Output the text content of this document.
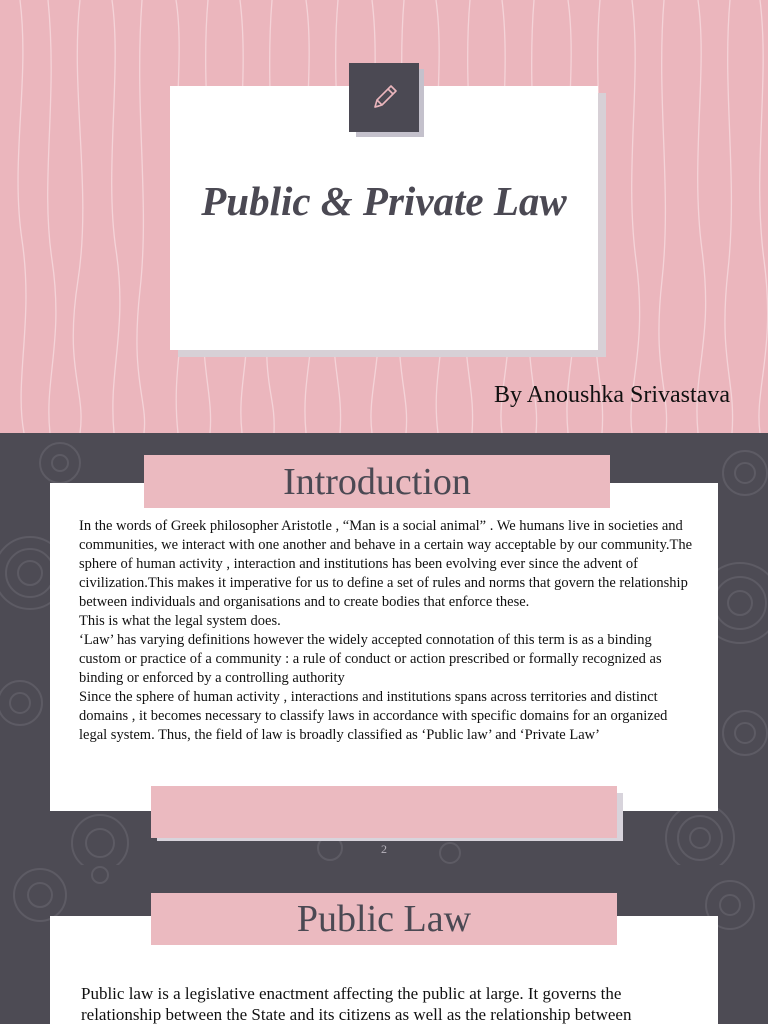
Public & Private Law
By Anoushka Srivastava
Introduction

In the words of Greek philosopher Aristotle , “Man is a social animal” . We humans live in societies and communities, we interact with one another and behave in a certain way acceptable by our community.The sphere of human activity , interaction and institutions has been evolving ever since the advent of civilization.This makes it imperative for us to define a set of rules and norms that govern the relationship between individuals and organisations and to create bodies that enforce these.

This is what the legal system does.

‘Law’ has varying definitions however the widely accepted connotation of this term is as a binding custom or practice of a community : a rule of conduct or action prescribed or formally recognized as binding or enforced by a controlling authority

Since the sphere of human activity , interactions and institutions spans across territories and distinct domains , it becomes necessary to classify laws in accordance with specific domains for an organized legal system. Thus, the field of law is broadly classified as ‘Public law’ and ‘Private Law’

2
Public Law
Public law is a legislative enactment affecting the public at large. It governs the relationship between the State and its citizens as well as the relationship between
